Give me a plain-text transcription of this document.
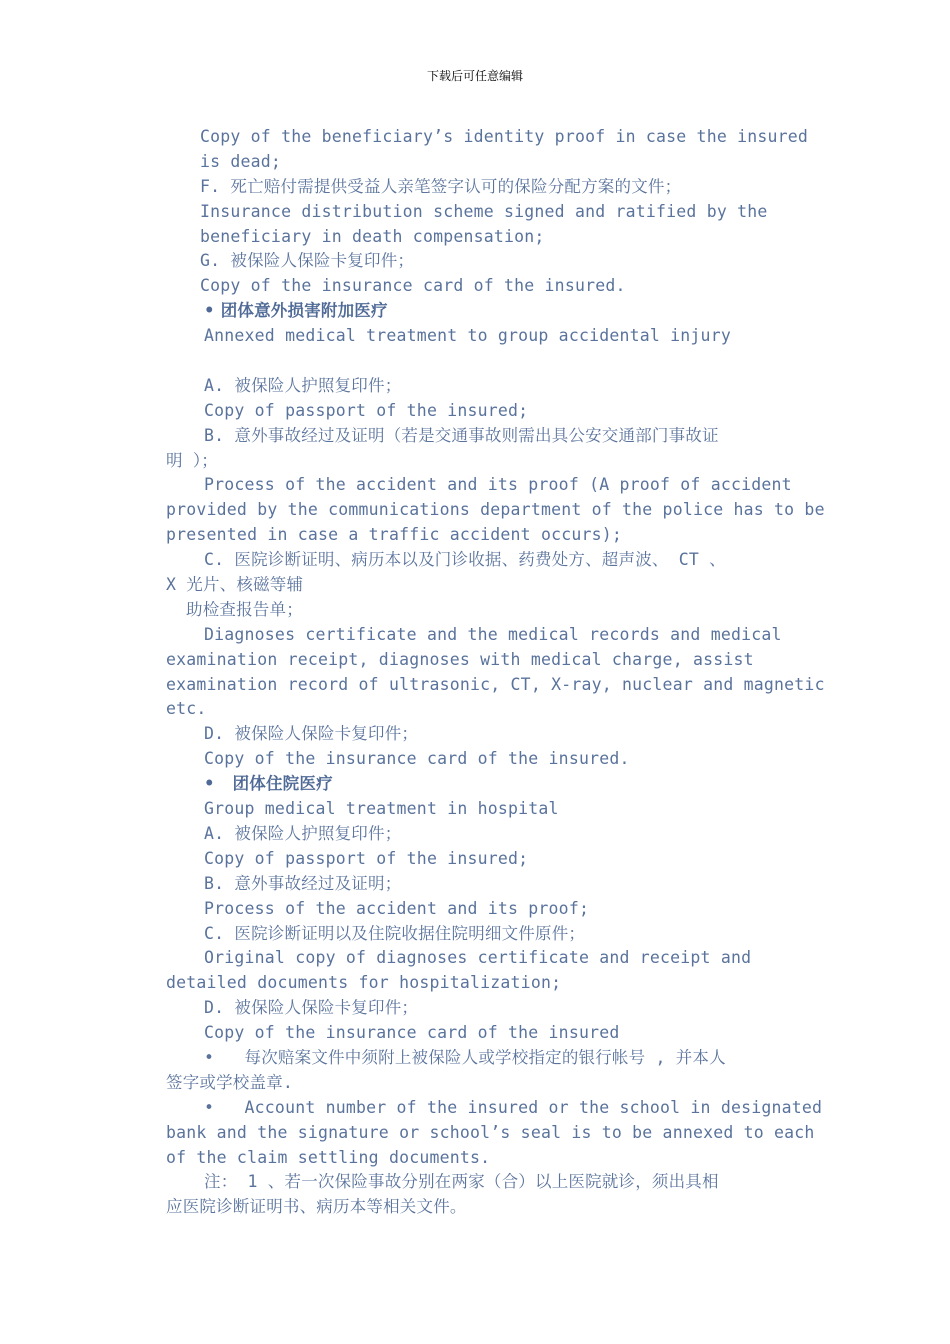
下载后可任意编辑
Copy of the beneficiary’s identity proof in case the insured
is dead;
F. 死亡赔付需提供受益人亲笔签字认可的保险分配方案的文件；
Insurance distribution scheme signed and ratified by the
beneficiary in death compensation;
G. 被保险人保险卡复印件；
Copy of the insurance card of the insured.
• 团体意外损害附加医疗
Annexed medical treatment to group accidental injury
A. 被保险人护照复印件；
Copy of passport of the insured;
B. 意外事故经过及证明（若是交通事故则需出具公安交通部门事故证
明 ）；
Process of the accident and its proof (A proof of accident
provided by the communications department of the police has to be
presented in case a traffic accident occurs);
C. 医院诊断证明、病历本以及门诊收据、药费处方、超声波、 CT 、
X 光片、核磁等辅
助检查报告单；
Diagnoses certificate and the medical records and medical
examination receipt, diagnoses with medical charge, assist
examination record of ultrasonic, CT, X-ray, nuclear and magnetic
etc.
D. 被保险人保险卡复印件；
Copy of the insurance card of the insured.
•   团体住院医疗
Group medical treatment in hospital
A. 被保险人护照复印件；
Copy of passport of the insured;
B. 意外事故经过及证明；
Process of the accident and its proof;
C. 医院诊断证明以及住院收据住院明细文件原件；
Original copy of diagnoses certificate and receipt and
detailed documents for hospitalization;
D. 被保险人保险卡复印件；
Copy of the insurance card of the insured
•   每次赔案文件中须附上被保险人或学校指定的银行帐号 , 并本人
签字或学校盖章.
•   Account number of the insured or the school in designated
bank and the signature or school’s seal is to be annexed to each
of the claim settling documents.
注： 1 、若一次保险事故分别在两家（合）以上医院就诊，须出具相
应医院诊断证明书、病历本等相关文件。
